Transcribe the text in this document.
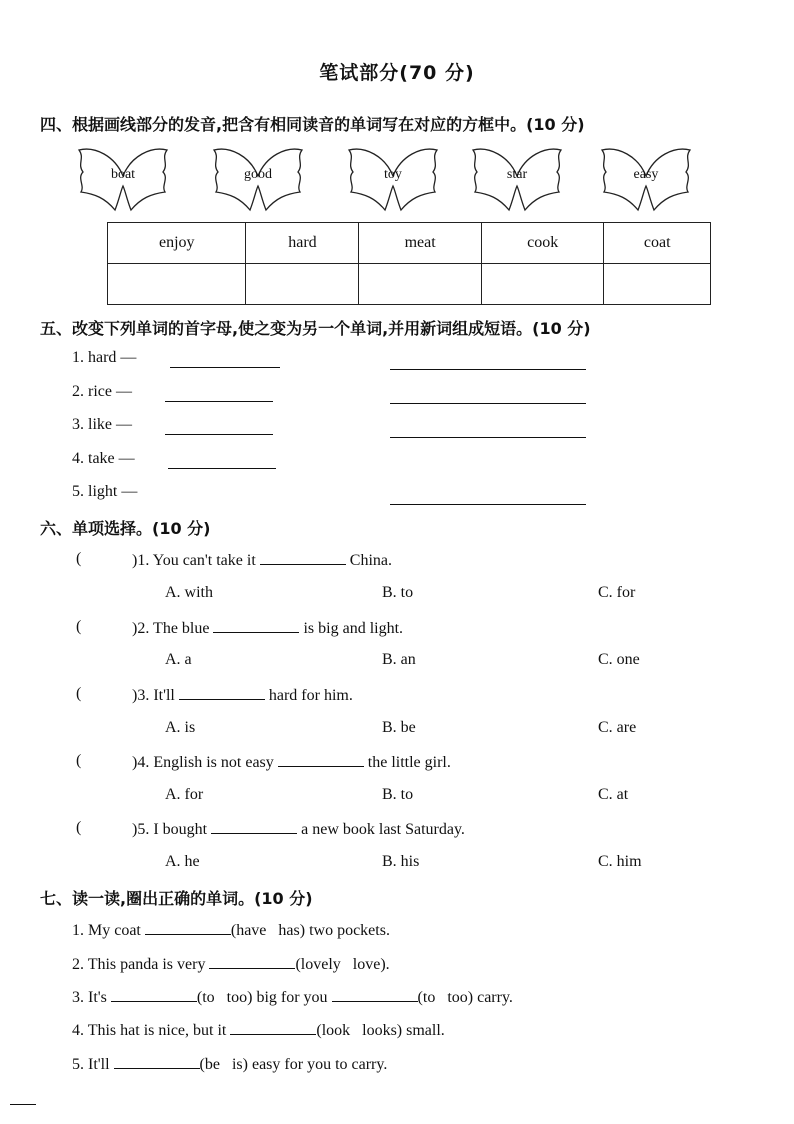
笔试部分(70 分)
四、根据画线部分的发音,把含有相同读音的单词写在对应的方框中。(10 分)
boat	good	toy	star	easy
enjoy	hard	meat	cook	coat

五、改变下列单词的首字母,使之变为另一个单词,并用新词组成短语。(10 分)
1. hard —
2. rice —
3. like —
4. take —
5. light —
六、单项选择。(10 分)
(	)1. You can't take it	China.
A. with	B. to	C. for
(	)2. The blue	is big and light.
A. a	B. an	C. one
(	)3. It'll	hard for him.
A. is	B. be	C. are
(	)4. English is not easy	the little girl.
A. for	B. to	C. at
(	)5. I bought	a new book last Saturday.
A. he	B. his	C. him
七、读一读,圈出正确的单词。(10 分)
1. My coat	(have   has) two pockets.
2. This panda is very	(lovely   love).
3. It's	(to   too) big for you	(to   too) carry.
4. This hat is nice, but it	(look   looks) small.
5. It'll	(be   is) easy for you to carry.
